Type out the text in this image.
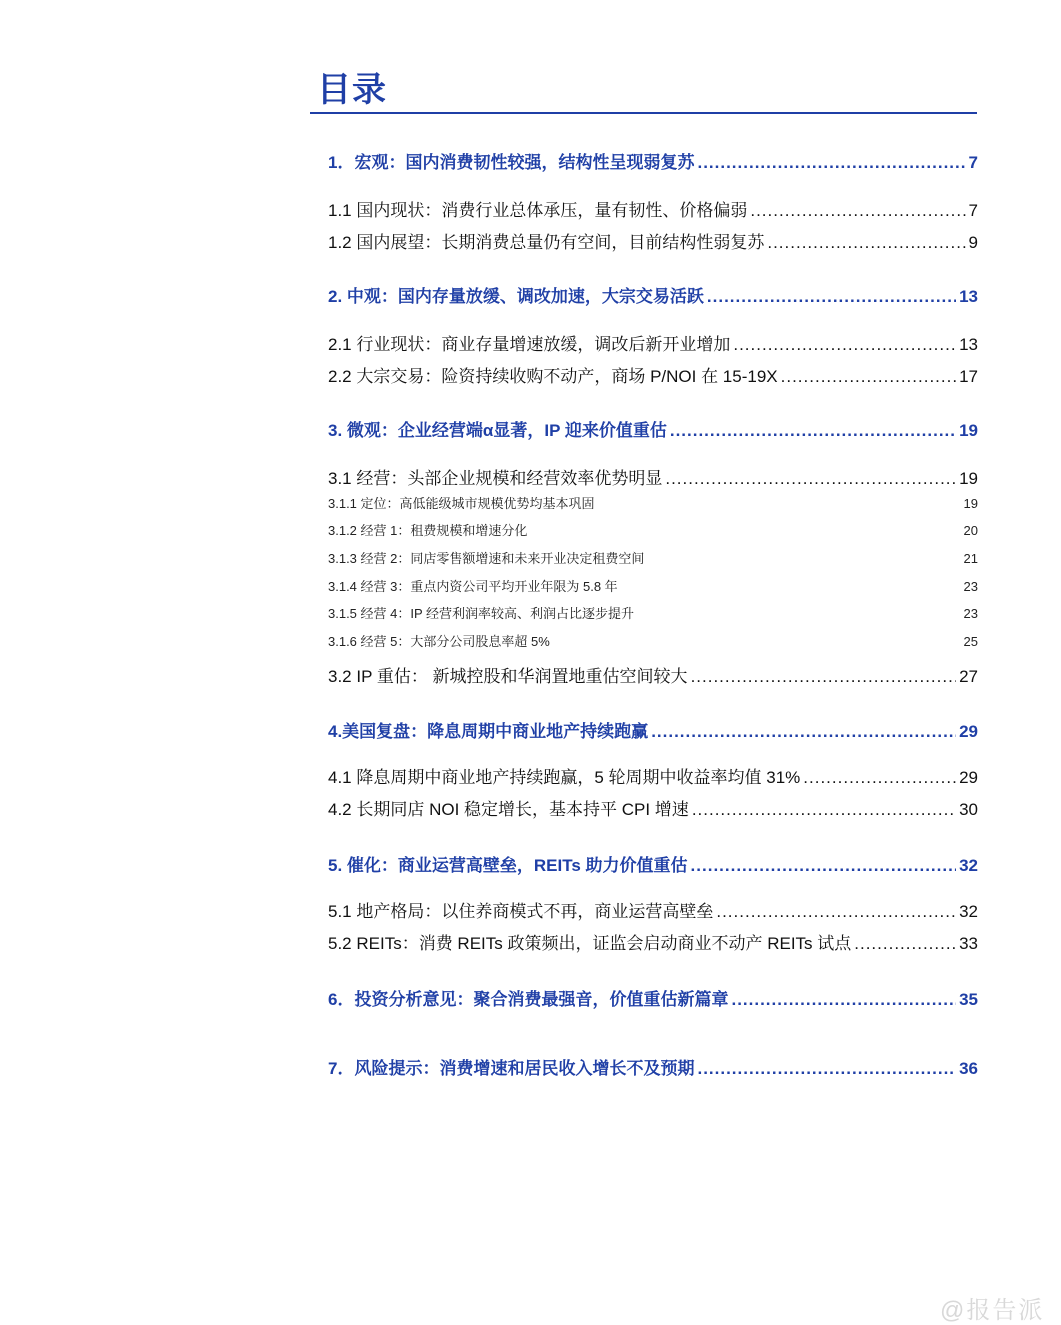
目录
1．宏观：国内消费韧性较强，结构性呈现弱复苏 .....	7
1.1 国内现状：消费行业总体承压，量有韧性、价格偏弱 .....	7
1.2 国内展望：长期消费总量仍有空间，目前结构性弱复苏 .....	9
2. 中观：国内存量放缓、调改加速，大宗交易活跃 .....	13
2.1 行业现状：商业存量增速放缓，调改后新开业增加 .....	13
2.2 大宗交易：险资持续收购不动产，商场 P/NOI 在 15-19X .....	17
3. 微观：企业经营端α显著，IP 迎来价值重估 .....	19
3.1 经营：头部企业规模和经营效率优势明显 .....	19
3.1.1 定位：高低能级城市规模优势均基本巩固	19
3.1.2 经营 1：租费规模和增速分化	20
3.1.3 经营 2：同店零售额增速和未来开业决定租费空间	21
3.1.4 经营 3：重点内资公司平均开业年限为 5.8 年	23
3.1.5 经营 4：IP 经营利润率较高、利润占比逐步提升	23
3.1.6 经营 5：大部分公司股息率超 5%	25
3.2 IP 重估： 新城控股和华润置地重估空间较大 .....	27
4.美国复盘：降息周期中商业地产持续跑赢 .....	29
4.1 降息周期中商业地产持续跑赢，5 轮周期中收益率均值 31% .....	29
4.2 长期同店 NOI 稳定增长，基本持平 CPI 增速 .....	30
5. 催化：商业运营高壁垒，REITs 助力价值重估 .....	32
5.1 地产格局：以住养商模式不再，商业运营高壁垒 .....	32
5.2 REITs：消费 REITs 政策频出，证监会启动商业不动产 REITs 试点 .....	33
6．投资分析意见：聚合消费最强音，价值重估新篇章 .....	35
7．风险提示：消费增速和居民收入增长不及预期 .....	36
@报告派
